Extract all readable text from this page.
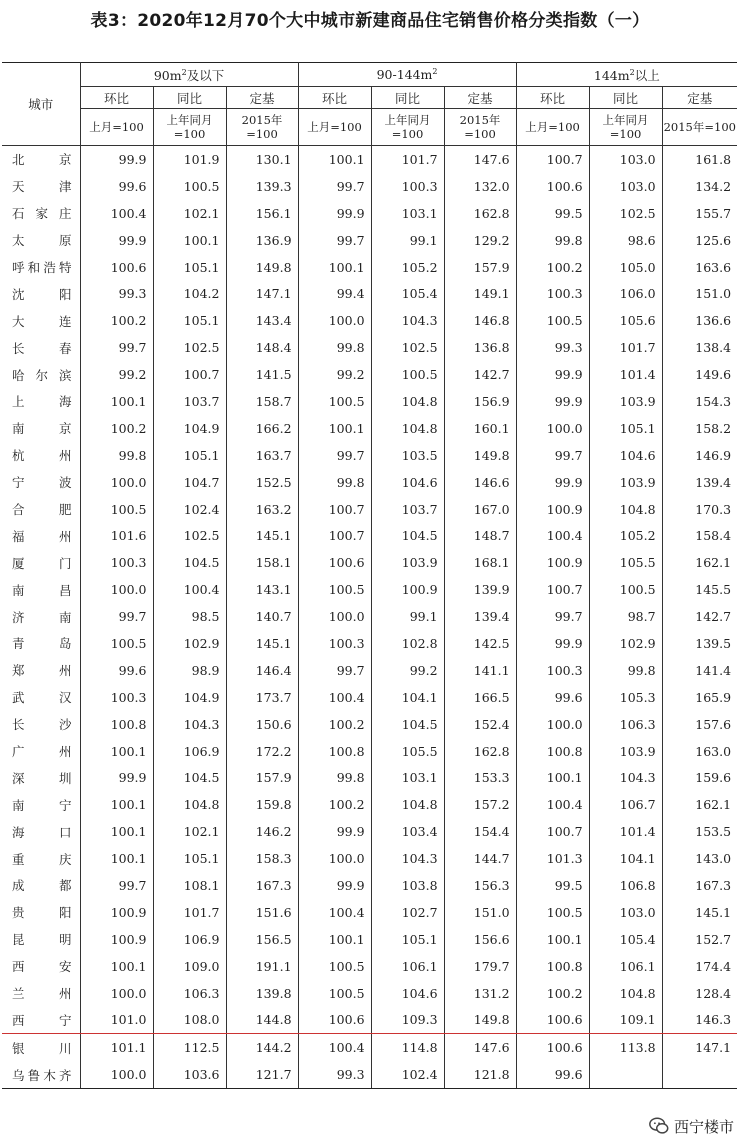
表3：2020年12月70个大中城市新建商品住宅销售价格分类指数（一）
城市	$90m^2$及以下			$90-144m^2$			$144m^2$以上		
	环比	同比	定基	环比	同比	定基	环比	同比	定基
	上月=100	上年同月=100	2015年=100	上月=100	上年同月=100	2015年=100	上月=100	上年同月=100	2015年=100
北　京	99.9	101.9	130.1	100.1	101.7	147.6	100.7	103.0	161.8
天　津	99.6	100.5	139.3	99.7	100.3	132.0	100.6	103.0	134.2
石家庄	100.4	102.1	156.1	99.9	103.1	162.8	99.5	102.5	155.7
太　原	99.9	100.1	136.9	99.7	99.1	129.2	99.8	98.6	125.6
呼和浩特	100.6	105.1	149.8	100.1	105.2	157.9	100.2	105.0	163.6
沈　阳	99.3	104.2	147.1	99.4	105.4	149.1	100.3	106.0	151.0
大　连	100.2	105.1	143.4	100.0	104.3	146.8	100.5	105.6	136.6
长　春	99.7	102.5	148.4	99.8	102.5	136.8	99.3	101.7	138.4
哈尔滨	99.2	100.7	141.5	99.2	100.5	142.7	99.9	101.4	149.6
上　海	100.1	103.7	158.7	100.5	104.8	156.9	99.9	103.9	154.3
南　京	100.2	104.9	166.2	100.1	104.8	160.1	100.0	105.1	158.2
杭　州	99.8	105.1	163.7	99.7	103.5	149.8	99.7	104.6	146.9
宁　波	100.0	104.7	152.5	99.8	104.6	146.6	99.9	103.9	139.4
合　肥	100.5	102.4	163.2	100.7	103.7	167.0	100.9	104.8	170.3
福　州	101.6	102.5	145.1	100.7	104.5	148.7	100.4	105.2	158.4
厦　门	100.3	104.5	158.1	100.6	103.9	168.1	100.9	105.5	162.1
南　昌	100.0	100.4	143.1	100.5	100.9	139.9	100.7	100.5	145.5
济　南	99.7	98.5	140.7	100.0	99.1	139.4	99.7	98.7	142.7
青　岛	100.5	102.9	145.1	100.3	102.8	142.5	99.9	102.9	139.5
郑　州	99.6	98.9	146.4	99.7	99.2	141.1	100.3	99.8	141.4
武　汉	100.3	104.9	173.7	100.4	104.1	166.5	99.6	105.3	165.9
长　沙	100.8	104.3	150.6	100.2	104.5	152.4	100.0	106.3	157.6
广　州	100.1	106.9	172.2	100.8	105.5	162.8	100.8	103.9	163.0
深　圳	99.9	104.5	157.9	99.8	103.1	153.3	100.1	104.3	159.6
南　宁	100.1	104.8	159.8	100.2	104.8	157.2	100.4	106.7	162.1
海　口	100.1	102.1	146.2	99.9	103.4	154.4	100.7	101.4	153.5
重　庆	100.1	105.1	158.3	100.0	104.3	144.7	101.3	104.1	143.0
成　都	99.7	108.1	167.3	99.9	103.8	156.3	99.5	106.8	167.3
贵　阳	100.9	101.7	151.6	100.4	102.7	151.0	100.5	103.0	145.1
昆　明	100.9	106.9	156.5	100.1	105.1	156.6	100.1	105.4	152.7
西　安	100.1	109.0	191.1	100.5	106.1	179.7	100.8	106.1	174.4
兰　州	100.0	106.3	139.8	100.5	104.6	131.2	100.2	104.8	128.4
西　宁	101.0	108.0	144.8	100.6	109.3	149.8	100.6	109.1	146.3
银　川	101.1	112.5	144.2	100.4	114.8	147.6	100.6	113.8	147.1
乌鲁木齐	100.0	103.6	121.7	99.3	102.4	121.8	99.6		
西宁楼市
